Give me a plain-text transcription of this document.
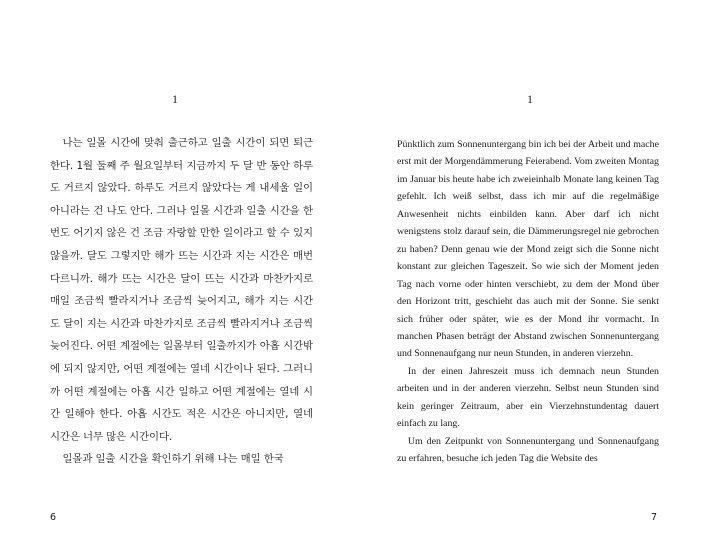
1

나는 일몰 시간에 맞춰 출근하고 일출 시간이 되면 퇴근한다. 1월 둘째 주 월요일부터 지금까지 두 달 반 동안 하루도 거르지 않았다. 하루도 거르지 않았다는 게 내세울 일이 아니라는 건 나도 안다. 그러나 일몰 시간과 일출 시간을 한 번도 어기지 않은 건 조금 자랑할 만한 일이라고 할 수 있지 않을까. 달도 그렇지만 해가 뜨는 시간과 지는 시간은 매번 다르니까. 해가 뜨는 시간은 달이 뜨는 시간과 마찬가지로 매일 조금씩 빨라지거나 조금씩 늦어지고, 해가 지는 시간도 달이 지는 시간과 마찬가지로 조금씩 빨라지거나 조금씩 늦어진다. 어떤 계절에는 일몰부터 일출까지가 아홉 시간밖에 되지 않지만, 어떤 계절에는 열네 시간이나 된다. 그러니까 어떤 계절에는 아홉 시간 일하고 어떤 계절에는 열네 시간 일해야 한다. 아홉 시간도 적은 시간은 아니지만, 열네 시간은 너무 많은 시간이다.

일몰과 일출 시간을 확인하기 위해 나는 매일 한국

6
1

Pünktlich zum Sonnenuntergang bin ich bei der Arbeit und mache erst mit der Morgendämmerung Feierabend. Vom zweiten Montag im Januar bis heute habe ich zweieinhalb Monate lang keinen Tag gefehlt. Ich weiß selbst, dass ich mir auf die regelmäßige Anwesenheit nichts einbilden kann. Aber darf ich nicht wenigstens stolz darauf sein, die Dämmerungsregel nie gebrochen zu haben? Denn genau wie der Mond zeigt sich die Sonne nicht konstant zur gleichen Tageszeit. So wie sich der Moment jeden Tag nach vorne oder hinten verschiebt, zu dem der Mond über den Horizont tritt, geschieht das auch mit der Sonne. Sie senkt sich früher oder später, wie es der Mond ihr vormacht. In manchen Phasen beträgt der Abstand zwischen Sonnenuntergang und Sonnenaufgang nur neun Stunden, in anderen vierzehn.

In der einen Jahreszeit muss ich demnach neun Stunden arbeiten und in der anderen vierzehn. Selbst neun Stunden sind kein geringer Zeitraum, aber ein Vierzehnstundentag dauert einfach zu lang.

Um den Zeitpunkt von Sonnenuntergang und Sonnenaufgang zu erfahren, besuche ich jeden Tag die Website des

7
